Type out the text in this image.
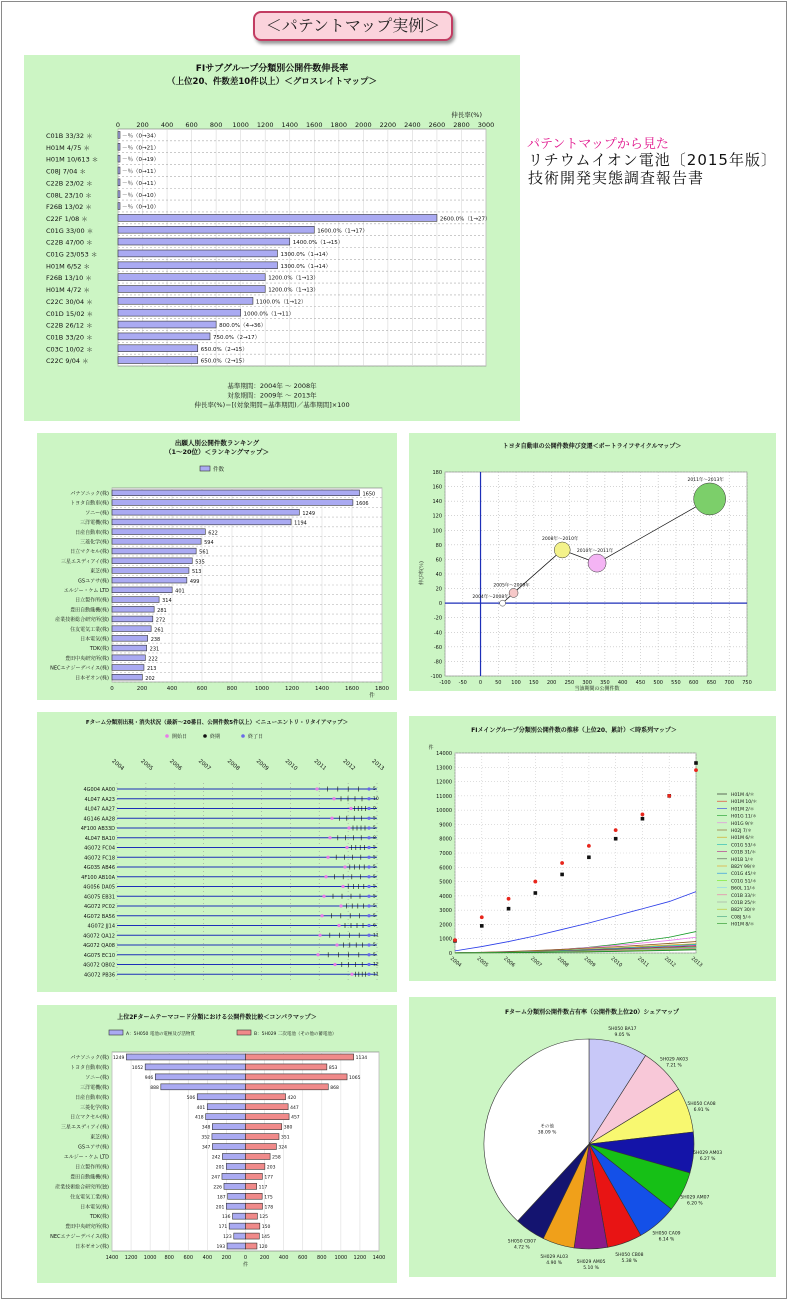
＜パテントマップ実例＞
パテントマップから見た
リチウムイオン電池〔2015年版〕
技術開発実態調査報告書
FIサブグループ分類別公開件数伸長率
（上位20、件数差10件以上）＜グロスレイトマップ＞
0	200 400 600 800 1000 1200 1400 1600 1800 2000 2200 2400 2600 2800 3000
伸長率(%)
C01B 33/32 ＊	－％（0→34）
H01M 4/75 ＊	－％（0→21）
H01M 10/613 ＊	－％（0→19）
C08J 7/04 ＊	－％（0→11）
C22B 23/02 ＊	－％（0→11）
C08L 23/10 ＊	－％（0→10）
F26B 13/02 ＊	－％（0→10）
C22F 1/08 ＊	2600.0%（1→27）
C01G 33/00 ＊	1600.0%（1→17）
C22B 47/00 ＊	1400.0%（1→15）
C01G 23/053 ＊	1300.0%（1→14）
H01M 6/52 ＊	1300.0%（1→14）
F26B 13/10 ＊	1200.0%（1→13）
H01M 4/72 ＊	1200.0%（1→13）
C22C 30/04 ＊	1100.0%（1→12）
C01D 15/02 ＊	1000.0%（1→11）
C22B 26/12 ＊	800.0%（4→36）
C01B 33/20 ＊	750.0%（2→17）
C03C 10/02 ＊	650.0%（2→15）
C22C 9/04 ＊	650.0%（2→15）
基準期間：2004年 ～ 2008年
対象期間：2009年 ～ 2013年
伸長率(%)＝[(対象期間−基準期間)／基準期間]×100
出願人別公開件数ランキング
（1～20位）＜ランキングマップ＞
件数
0	200	400	600	800	1000	1200	1400	1600	1800
件
パナソニック(株)	1650
トヨタ自動車(株)	1606
ソニー(株)	1249
三洋電機(株)	1194
日産自動車(株)	622
三菱化学(株)	594
日立マクセル(株)	561
三星エスディアイ(株)	535
東芝(株)	513
GSユアサ(株)	499
エルジー・ケム LTD	401
日立製作所(株)	314
豊田自動織機(株)	281
産業技術総合研究所(独)	272
住友電気工業(株)	261
日本電気(株)	238
TDK(株)	231
豊田中央研究所(株)	222
NECエナジーデバイス(株)	213
日本ゼオン(株)	202
トヨタ自動車の公開件数伸び変遷＜ポートライフサイクルマップ＞
-100 -50 0	50 100 150 200 250 300 350 400 450 500 550 600 650 700 750
180
160
140
120
100
80
60
40
20
0
-20
-40
-60
-80
-100
当該期間の公開件数
伸び率(％)
2004年～2008年
2005年～2009年
2008年～2010年
2010年～2011年
2011年～2013年
Fターム分類別出現・消失状況（最新～20番目、公開件数5件以上）＜ニューエントリ・リタイアマップ＞
開始日	終期	終了日
2004	2005	2006	2007	2008	2009	2010	2011	2012	2013
4G004 AA00	5
4L047 AA23	10
4L047 AA27	9
4G146 AA28	5
4F100 AB33D	5
4L047 BA10	8
4G072 FC04	5
4G072 FC18	5
4G035 AB46	5
4F100 AB10A	5
4G056 DA05	5
4G075 EB31	5
4G072 PC02	5
4G072 BA56	5
4G072 JJ14	6
4G072 QA12	11
4G072 QA08	5
4G075 EC10	5
4G072 QB02	12
4G072 PB36	11
FIメイングループ分類別公開件数の推移（上位20、累計）＜時系列マップ＞
14000
13000
12000
11000
10000
9000
8000
7000
6000
5000
4000
3000
2000
1000
0
件
2004	2005	2006	2007	2008	2009	2010	2011	2012	2013
H01M 4/＊
H01M 10/＊
H01M 2/＊
H01G 11/＊
H01G 9/＊
H02J 7/＊
H01M 6/＊
C01G 53/＊
C01B 31/＊
H01B 1/＊
B82Y 99/＊
C01G 45/＊
C01G 51/＊
B60L 11/＊
C01B 33/＊
C01B 25/＊
B82Y 30/＊
C08J 5/＊
H01M 8/＊
上位2Fタームテーマコード分類における公開件数比較＜コンパラマップ＞
A：5H050 電池の電極及び活物質	B：5H029 二次電池（その他の蓄電池）
1400 1200 1000 800 600 400 200	0	200 400 600 800 1000 1200 1400
件
パナソニック(株) 1249	1134
トヨタ自動車(株)	1052	853
ソニー(株)	946	1065
三洋電機(株)	888	868
日産自動車(株)	506	420
三菱化学(株)	401	447
日立マクセル(株)	418	457
三星エスディアイ(株)	348	380
東芝(株)	352	351
GSユアサ(株)	347	324
エルジー・ケム LTD	242	258
日立製作所(株)	201	203
豊田自動織機(株)	247	177
産業技術総合研究所(独)	226	117
住友電気工業(株)	187	175
日本電気(株)	201	178
TDK(株)	136	125
豊田中央研究所(株)	171	150
NECエナジーデバイス(株)	123	145
日本ゼオン(株)	193	120
Fターム分類別公開件数占有率（公開件数上位20）シェアマップ
5H050 BA17
9.05 %
5H029 AK03
7.21 %
5H050 CA08
6.91 %
5H029 AM03
6.27 %
5H029 AM07
6.20 %
5H050 CA09
6.14 %
5H050 CB08
5.38 %
5H029 AM05
5.10 %
5H029 AL03
4.90 %
5H050 CB07
4.72 %
その他
38.09 %
